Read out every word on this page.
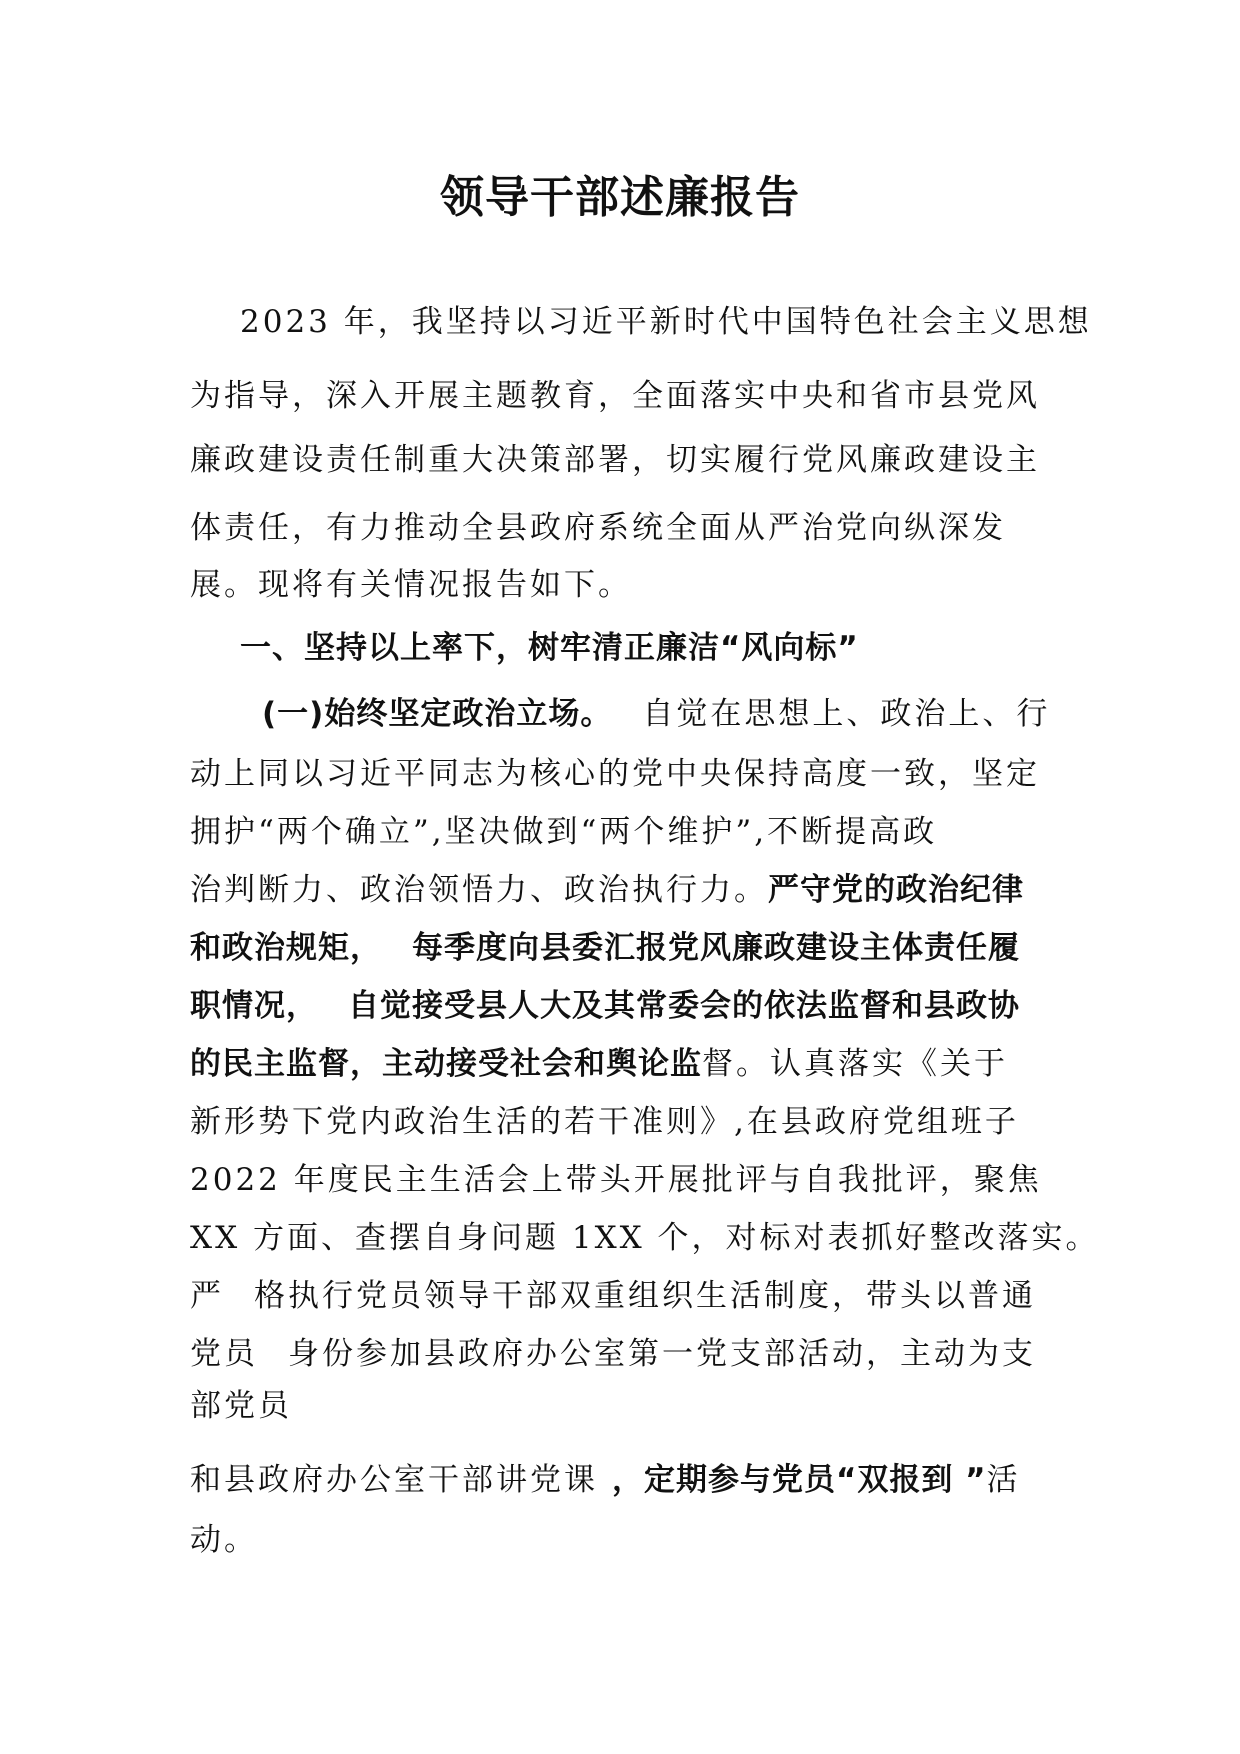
领导干部述廉报告
2023 年，我坚持以习近平新时代中国特色社会主义思想
为指导，深入开展主题教育，全面落实中央和省市县党风
廉政建设责任制重大决策部署，切实履行党风廉政建设主
体责任，有力推动全县政府系统全面从严治党向纵深发
展。现将有关情况报告如下。
一、坚持以上率下，树牢清正廉洁“风向标”
(一)始终坚定政治立场。 自觉在思想上、政治上、行
动上同以习近平同志为核心的党中央保持高度一致，坚定
拥护“两个确立”,坚决做到“两个维护”,不断提高政
治判断力、政治领悟力、政治执行力。严守党的政治纪律
和政治规矩， 每季度向县委汇报党风廉政建设主体责任履
职情况， 自觉接受县人大及其常委会的依法监督和县政协
的民主监督，主动接受社会和舆论监督。认真落实《关于
新形势下党内政治生活的若干准则》,在县政府党组班子
2022 年度民主生活会上带头开展批评与自我批评，聚焦
XX 方面、查摆自身问题 1XX 个，对标对表抓好整改落实。
严 格执行党员领导干部双重组织生活制度，带头以普通
党员 身份参加县政府办公室第一党支部活动，主动为支
部党员
和县政府办公室干部讲党课 ，定期参与党员“双报到 ”活
动。
